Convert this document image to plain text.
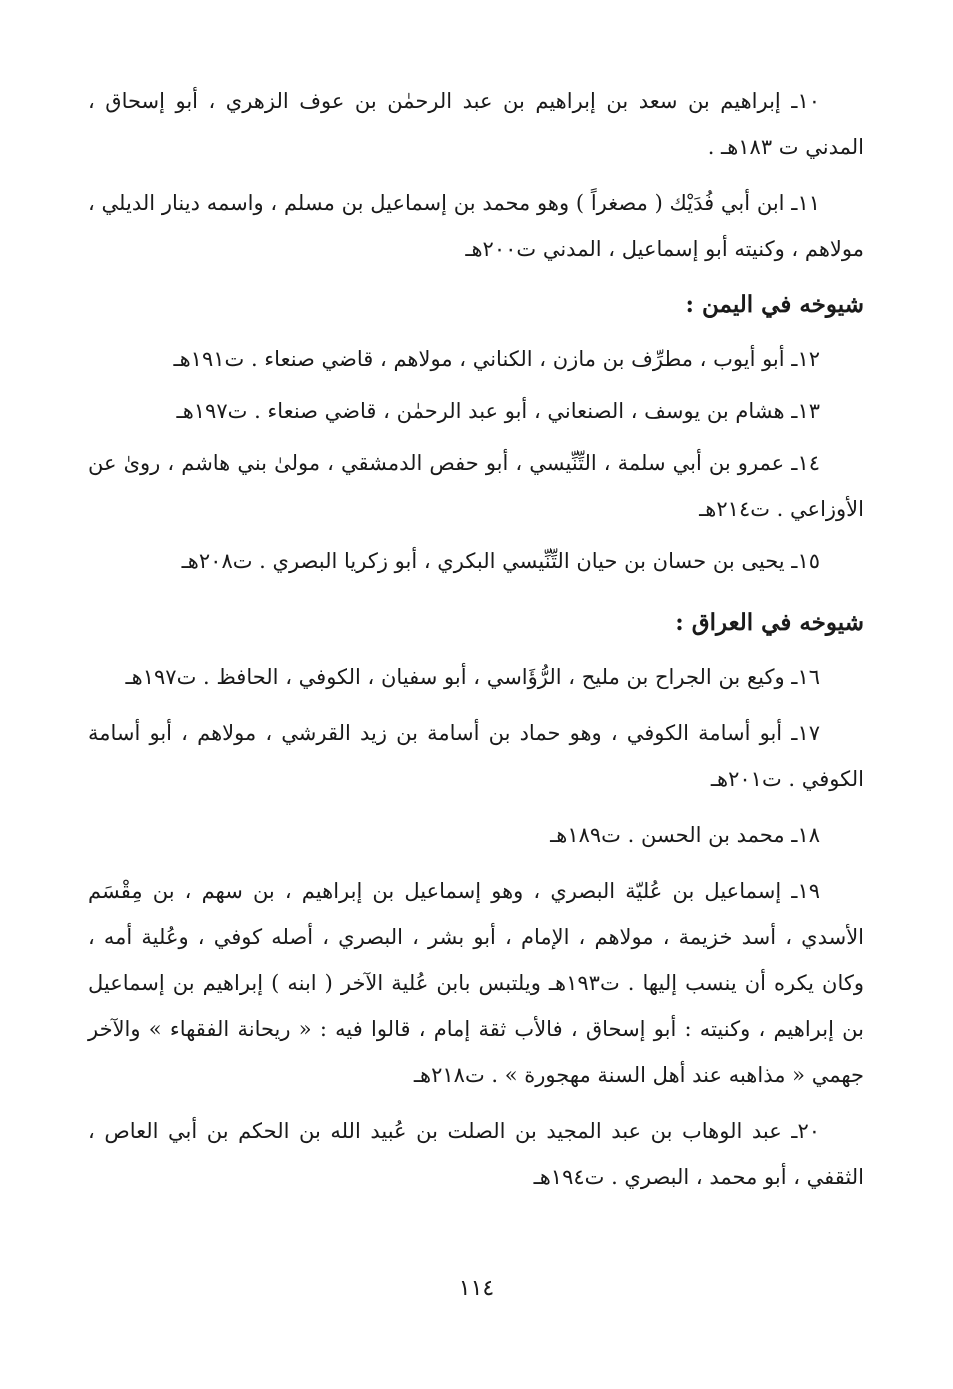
١٠ـ إبراهيم بن سعد بن إبراهيم بن عبد الرحمٰن بن عوف الزهري ، أبو إسحاق ، المدني ت ١٨٣هـ .

١١ـ ابن أبي فُدَيْك ( مصغراً ) وهو محمد بن إسماعيل بن مسلم ، واسمه دينار الديلي ، مولاهم ، وكنيته أبو إسماعيل ، المدني ت٢٠٠هـ

شيوخه في اليمن :

١٢ـ أبو أيوب ، مطرِّف بن مازن ، الكناني ، مولاهم ، قاضي صنعاء . ت١٩١هـ

١٣ـ هشام بن يوسف ، الصنعاني ، أبو عبد الرحمٰن ، قاضي صنعاء . ت١٩٧هـ

١٤ـ عمرو بن أبي سلمة ، التِّنِّيسي ، أبو حفص الدمشقي ، مولىٰ بني هاشم ، رویٰ عن الأوزاعي . ت٢١٤هـ

١٥ـ يحيى بن حسان بن حيان التِّنِّيسي البكري ، أبو زكريا البصري . ت٢٠٨هـ

شيوخه في العراق :

١٦ـ وكيع بن الجراح بن مليح ، الرُّؤَاسي ، أبو سفيان ، الكوفي ، الحافظ . ت١٩٧هـ

١٧ـ أبو أسامة الكوفي ، وهو حماد بن أسامة بن زيد القرشي ، مولاهم ، أبو أسامة الكوفي . ت٢٠١هـ

١٨ـ محمد بن الحسن . ت١٨٩هـ

١٩ـ إسماعيل بن عُليّة البصري ، وهو إسماعيل بن إبراهيم ، بن سهم ، بن مِقْسَم الأسدي ، أسد خزيمة ، مولاهم ، الإمام ، أبو بشر ، البصري ، أصله كوفي ، وعُلية أمه ، وكان يكره أن ينسب إليها . ت١٩٣هـ ويلتبس بابن عُلية الآخر ( ابنه ) إبراهيم بن إسماعيل بن إبراهيم ، وكنيته : أبو إسحاق ، فالأب ثقة إمام ، قالوا فيه : « ريحانة الفقهاء » والآخر جهمي « مذاهبه عند أهل السنة مهجورة » . ت٢١٨هـ

٢٠ـ عبد الوهاب بن عبد المجيد بن الصلت بن عُبيد الله بن الحكم بن أبي العاص ، الثقفي ، أبو محمد ، البصري . ت١٩٤هـ

١١٤
